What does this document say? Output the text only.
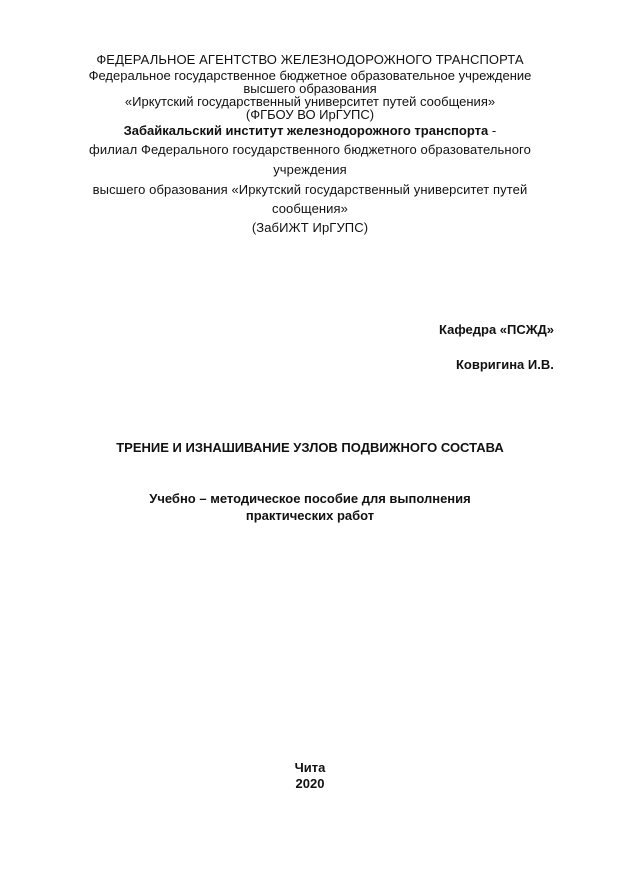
ФЕДЕРАЛЬНОЕ АГЕНТСТВО ЖЕЛЕЗНОДОРОЖНОГО ТРАНСПОРТА
Федеральное государственное бюджетное образовательное учреждение
высшего образования
«Иркутский государственный университет путей сообщения»
(ФГБОУ ВО ИрГУПС)
Забайкальский институт железнодорожного транспорта -
филиал Федерального государственного бюджетного образовательного
учреждения
высшего образования «Иркутский государственный университет путей
сообщения»
(ЗабИЖТ ИрГУПС)
Кафедра «ПСЖД»
Ковригина И.В.
ТРЕНИЕ И ИЗНАШИВАНИЕ УЗЛОВ ПОДВИЖНОГО СОСТАВА
Учебно – методическое пособие для выполнения
практических работ
Чита
2020
